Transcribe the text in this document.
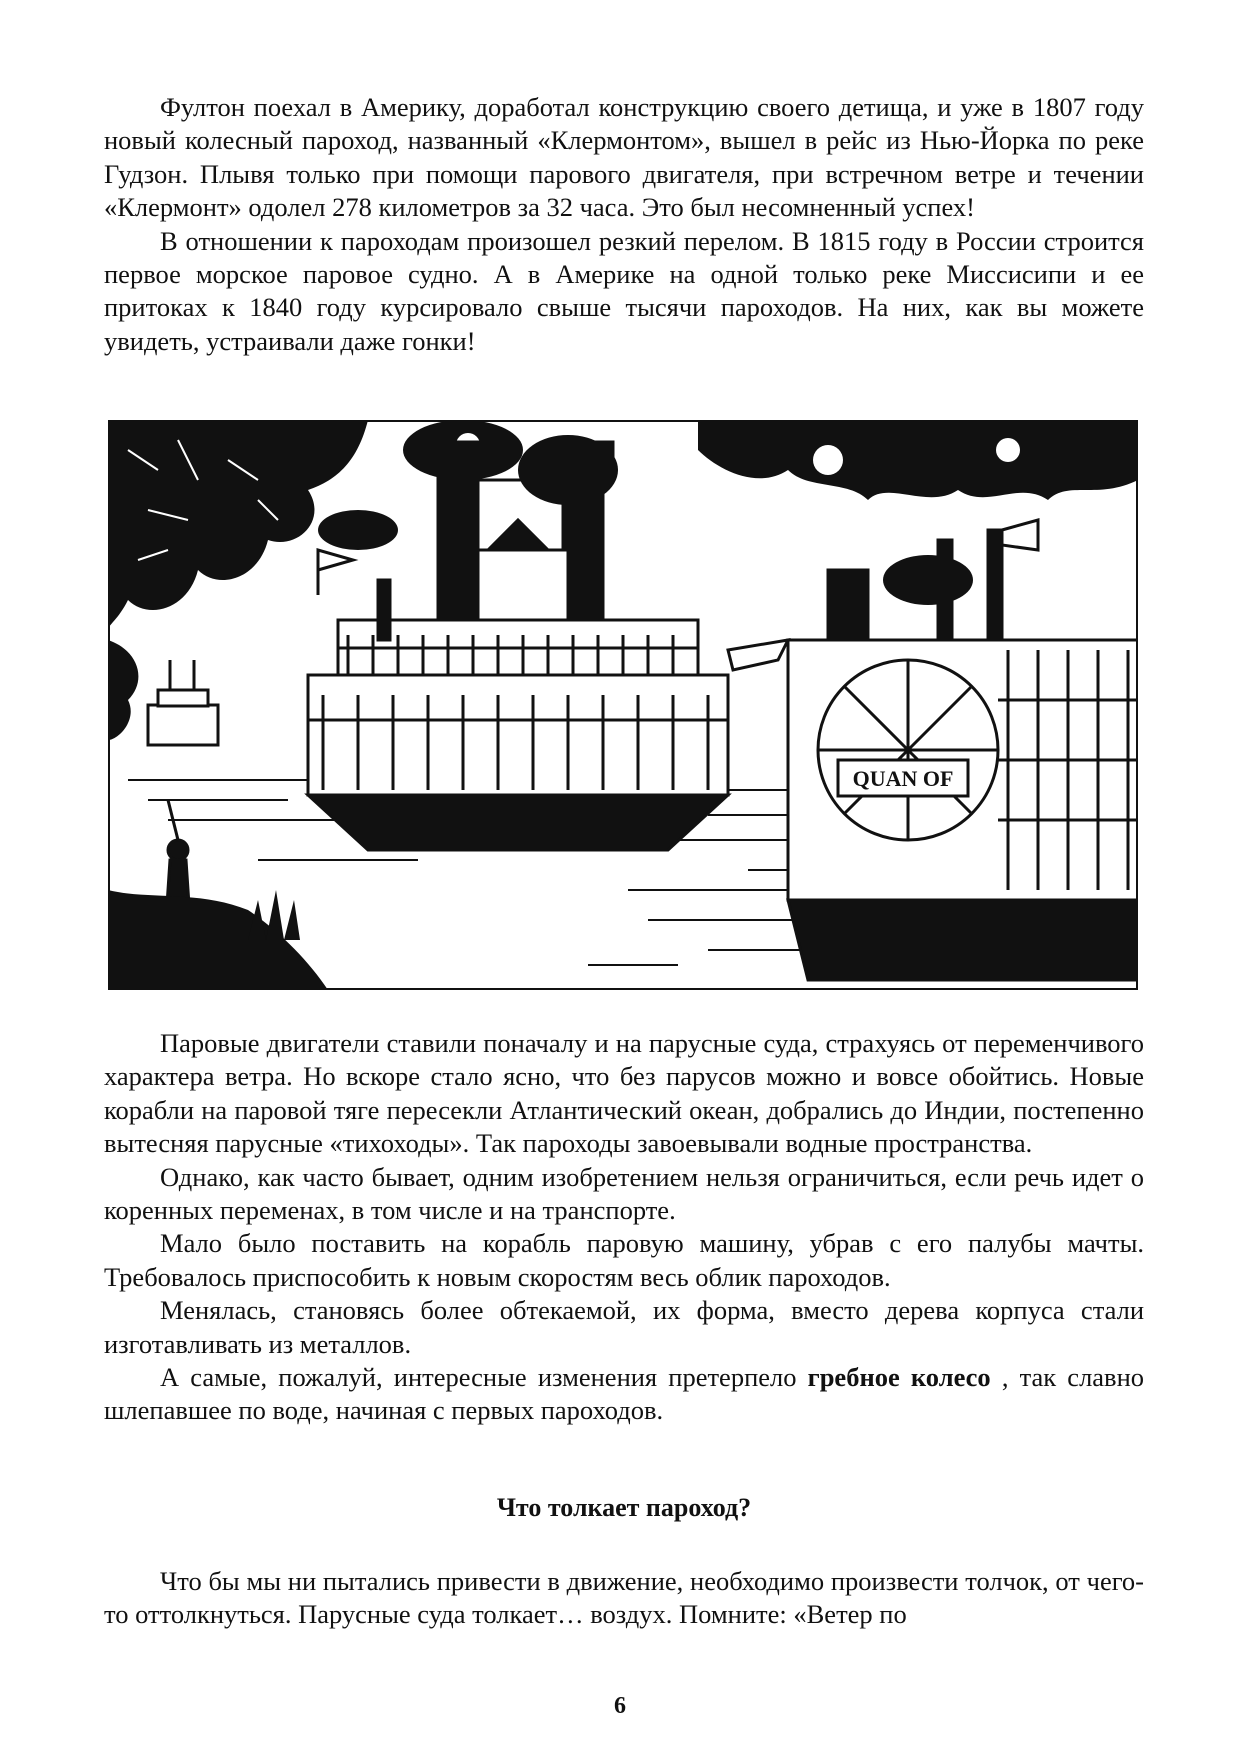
Фултон поехал в Америку, доработал конструкцию своего детища, и уже в 1807 году новый колесный пароход, названный «Клермонтом», вышел в рейс из Нью-Йорка по реке Гудзон. Плывя только при помощи парового двигателя, при встречном ветре и течении «Клермонт» одолел 278 километров за 32 часа. Это был несомненный успех!

В отношении к пароходам произошел резкий перелом. В 1815 году в России строится первое морское паровое судно. А в Америке на одной только реке Миссисипи и ее притоках к 1840 году курсировало свыше тысячи пароходов. На них, как вы можете увидеть, устраивали даже гонки!

QUAN OF

Паровые двигатели ставили поначалу и на парусные суда, страхуясь от переменчивого характера ветра. Но вскоре стало ясно, что без парусов можно и вовсе обойтись. Новые корабли на паровой тяге пересекли Атлантический океан, добрались до Индии, постепенно вытесняя парусные «тихоходы». Так пароходы завоевывали водные пространства.

Однако, как часто бывает, одним изобретением нельзя ограничиться, если речь идет о коренных переменах, в том числе и на транспорте.

Мало было поставить на корабль паровую машину, убрав с его палубы мачты. Требовалось приспособить к новым скоростям весь облик пароходов.

Менялась, становясь более обтекаемой, их форма, вместо дерева корпуса стали изготавливать из металлов.

А самые, пожалуй, интересные изменения претерпело гребное колесо , так славно шлепавшее по воде, начиная с первых пароходов.

Что толкает пароход?

Что бы мы ни пытались привести в движение, необходимо произвести толчок, от чего-то оттолкнуться. Парусные суда толкает… воздух. Помните: «Ветер по

6
